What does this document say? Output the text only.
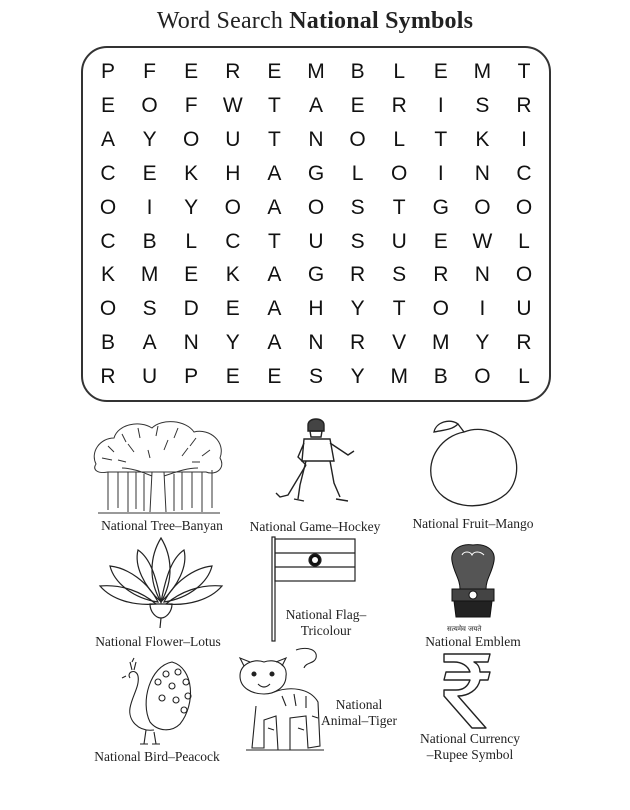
Word Search National Symbols
P	F	E	R	E	M	B	L	E	M	T
E	O	F	W	T	A	E	R	I	S	R
A	Y	O	U	T	N	O	L	T	K	I
C	E	K	H	A	G	L	O	I	N	C
O	I	Y	O	A	O	S	T	G	O	O
C	B	L	C	T	U	S	U	E	W	L
K	M	E	K	A	G	R	S	R	N	O
O	S	D	E	A	H	Y	T	O	I	U
B	A	N	Y	A	N	R	V	M	Y	R
R	U	P	E	E	S	Y	M	B	O	L
National Tree–Banyan	National Game–Hockey	National Fruit–Mango
National Flower–Lotus
National Flag–
Tricolour	सत्यमेव जयते
National Emblem
National Bird–Peacock
National
Animal–Tiger
National Currency
–Rupee Symbol
